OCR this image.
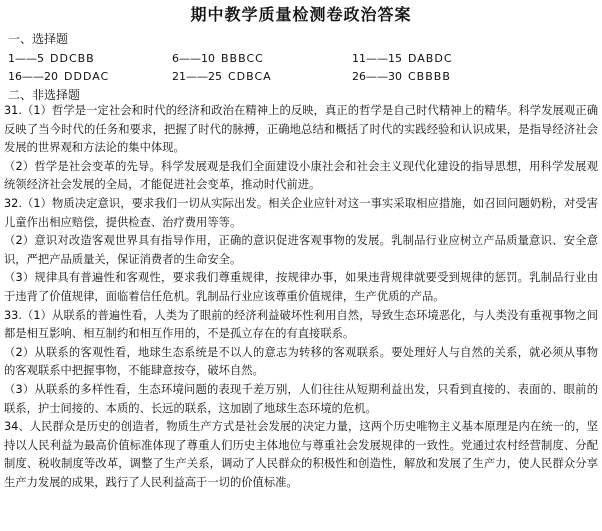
期中教学质量检测卷政治答案
一、选择题
1——5 DDCBB	6——10 BBBCC	11——15 DABDC
16——20 DDDAC	21——25 CDBCA	26——30 CBBBB
二、非选择题

31.（1）哲学是一定社会和时代的经济和政治在精神上的反映，真正的哲学是自己时代精神上的精华。科学发展观正确反映了当今时代的任务和要求，把握了时代的脉搏，正确地总结和概括了时代的实践经验和认识成果，是指导经济社会发展的世界观和方法论的集中体现。

（2）哲学是社会变革的先导。科学发展观是我们全面建设小康社会和社会主义现代化建设的指导思想，用科学发展观统领经济社会发展的全局，才能促进社会变革，推动时代前进。

32.（1）物质决定意识，要求我们一切从实际出发。相关企业应针对这一事实采取相应措施，如召回问题奶粉，对受害儿童作出相应赔偿，提供检查、治疗费用等等。

（2）意识对改造客观世界具有指导作用，正确的意识促进客观事物的发展。乳制品行业应树立产品质量意识、安全意识，严把产品质量关，保证消费者的生命安全。

（3）规律具有普遍性和客观性，要求我们尊重规律，按规律办事，如果违背规律就要受到规律的惩罚。乳制品行业由于违背了价值规律，面临着信任危机。乳制品行业应该尊重价值规律，生产优质的产品。

33.（1）从联系的普遍性看，人类为了眼前的经济利益破坏性利用自然，导致生态环境恶化，与人类没有重视事物之间都是相互影响、相互制约和相互作用的，不是孤立存在的有直接联系。

（2）从联系的客观性看，地球生态系统是不以人的意志为转移的客观联系。要处理好人与自然的关系，就必须从事物的客观联系中把握事物，不能肆意按夺，破坏自然。

（3）从联系的多样性看，生态环境问题的表现千差万别，人们往往从短期利益出发，只看到直接的、表面的、眼前的联系，护士间接的、本质的、长远的联系，这加剧了地球生态环境的危机。

34、人民群众是历史的创造者，物质生产方式是社会发展的决定力量，这两个历史唯物主义基本原理是内在统一的，坚持以人民利益为最高价值标准体现了尊重人们历史主体地位与尊重社会发展规律的一致性。党通过农村经营制度、分配制度、税收制度等改革，调整了生产关系，调动了人民群众的积极性和创造性，解放和发展了生产力，使人民群众分享生产力发展的成果，践行了人民利益高于一切的价值标准。
